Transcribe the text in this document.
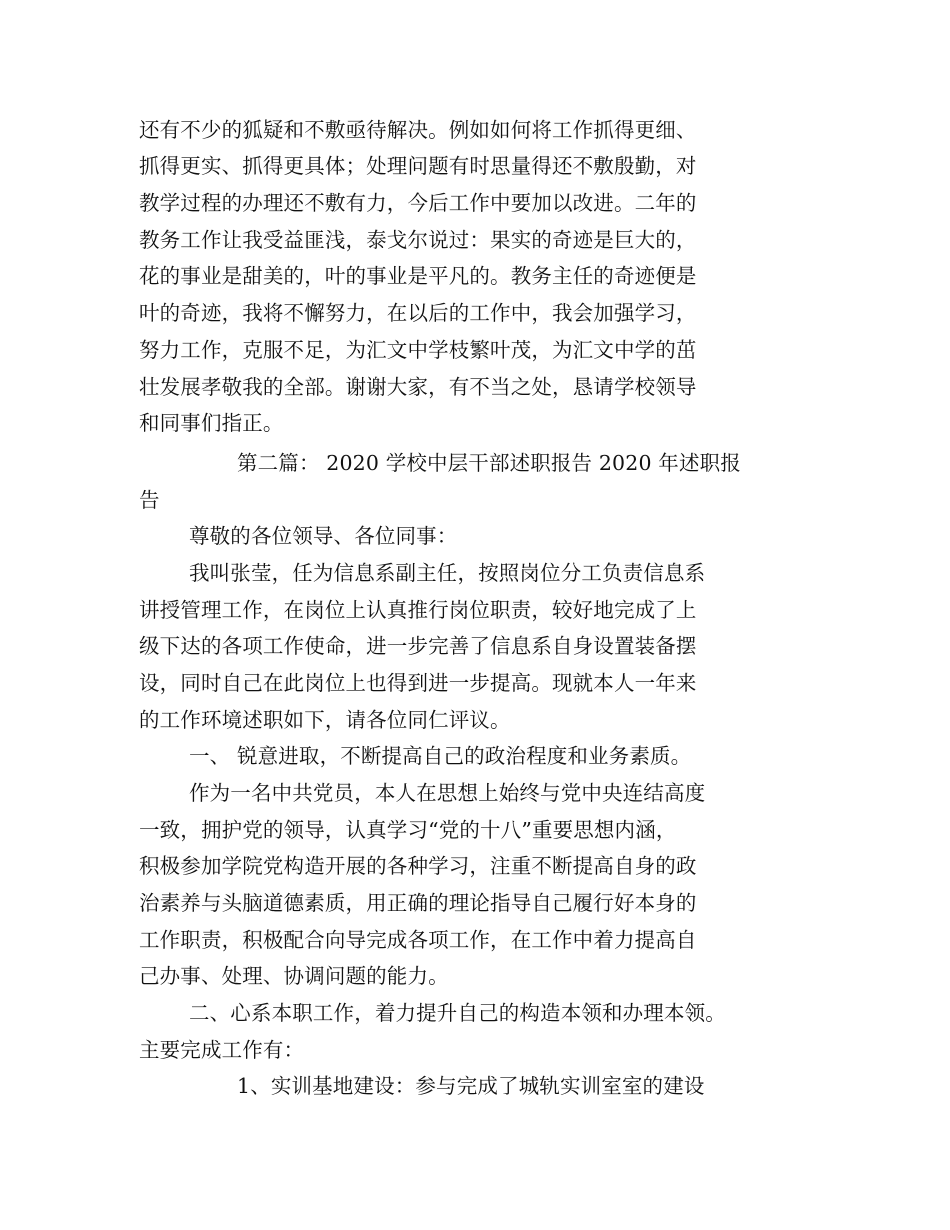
还有不少的狐疑和不敷亟待解决。例如如何将工作抓得更细、
抓得更实、抓得更具体；处理问题有时思量得还不敷殷勤，对
教学过程的办理还不敷有力，今后工作中要加以改进。二年的
教务工作让我受益匪浅，泰戈尔说过：果实的奇迹是巨大的，
花的事业是甜美的，叶的事业是平凡的。教务主任的奇迹便是
叶的奇迹，我将不懈努力，在以后的工作中，我会加强学习，
努力工作，克服不足，为汇文中学枝繁叶茂，为汇文中学的茁
壮发展孝敬我的全部。谢谢大家，有不当之处，恳请学校领导
和同事们指正。
第二篇： 2020 学校中层干部述职报告 2020 年述职报
告
尊敬的各位领导、各位同事：
我叫张莹，任为信息系副主任，按照岗位分工负责信息系
讲授管理工作，在岗位上认真推行岗位职责，较好地完成了上
级下达的各项工作使命，进一步完善了信息系自身设置装备摆
设，同时自己在此岗位上也得到进一步提高。现就本人一年来
的工作环境述职如下，请各位同仁评议。
一、 锐意进取，不断提高自己的政治程度和业务素质。
作为一名中共党员，本人在思想上始终与党中央连结高度
一致，拥护党的领导，认真学习“党的十八”重要思想内涵，
积极参加学院党构造开展的各种学习，注重不断提高自身的政
治素养与头脑道德素质，用正确的理论指导自己履行好本身的
工作职责，积极配合向导完成各项工作，在工作中着力提高自
己办事、处理、协调问题的能力。
二、心系本职工作，着力提升自己的构造本领和办理本领。
主要完成工作有：
1、实训基地建设：参与完成了城轨实训室室的建设
